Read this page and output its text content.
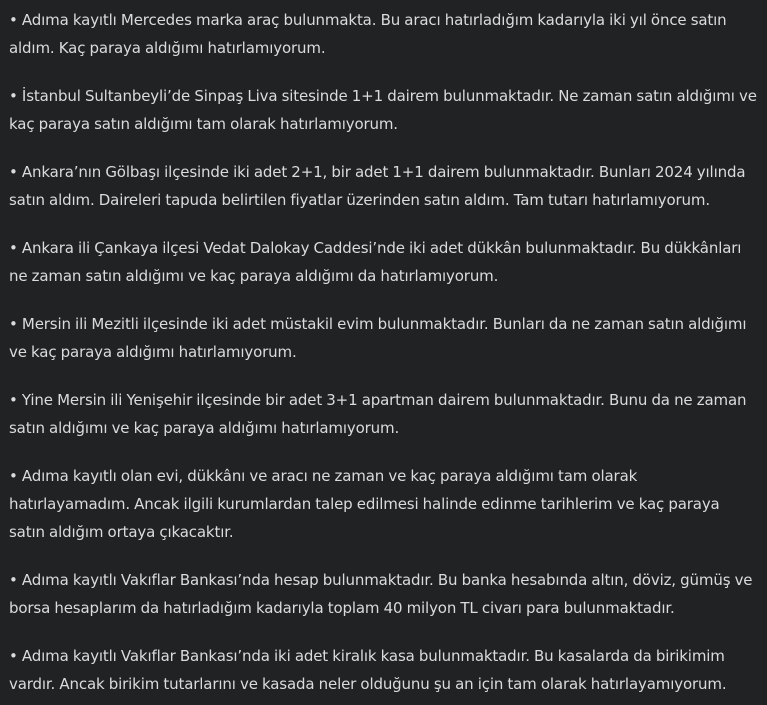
• Adıma kayıtlı Mercedes marka araç bulunmakta. Bu aracı hatırladığım kadarıyla iki yıl önce satın aldım. Kaç paraya aldığımı hatırlamıyorum.

• İstanbul Sultanbeyli’de Sinpaş Liva sitesinde 1+1 dairem bulunmaktadır. Ne zaman satın aldığımı ve kaç paraya satın aldığımı tam olarak hatırlamıyorum.

• Ankara’nın Gölbaşı ilçesinde iki adet 2+1, bir adet 1+1 dairem bulunmaktadır. Bunları 2024 yılında satın aldım. Daireleri tapuda belirtilen fiyatlar üzerinden satın aldım. Tam tutarı hatırlamıyorum.

• Ankara ili Çankaya ilçesi Vedat Dalokay Caddesi’nde iki adet dükkân bulunmaktadır. Bu dükkânları ne zaman satın aldığımı ve kaç paraya aldığımı da hatırlamıyorum.

• Mersin ili Mezitli ilçesinde iki adet müstakil evim bulunmaktadır. Bunları da ne zaman satın aldığımı ve kaç paraya aldığımı hatırlamıyorum.

• Yine Mersin ili Yenişehir ilçesinde bir adet 3+1 apartman dairem bulunmaktadır. Bunu da ne zaman satın aldığımı ve kaç paraya aldığımı hatırlamıyorum.

• Adıma kayıtlı olan evi, dükkânı ve aracı ne zaman ve kaç paraya aldığımı tam olarak hatırlayamadım. Ancak ilgili kurumlardan talep edilmesi halinde edinme tarihlerim ve kaç paraya satın aldığım ortaya çıkacaktır.

• Adıma kayıtlı Vakıflar Bankası’nda hesap bulunmaktadır. Bu banka hesabında altın, döviz, gümüş ve borsa hesaplarım da hatırladığım kadarıyla toplam 40 milyon TL civarı para bulunmaktadır.

• Adıma kayıtlı Vakıflar Bankası’nda iki adet kiralık kasa bulunmaktadır. Bu kasalarda da birikimim vardır. Ancak birikim tutarlarını ve kasada neler olduğunu şu an için tam olarak hatırlayamıyorum.
